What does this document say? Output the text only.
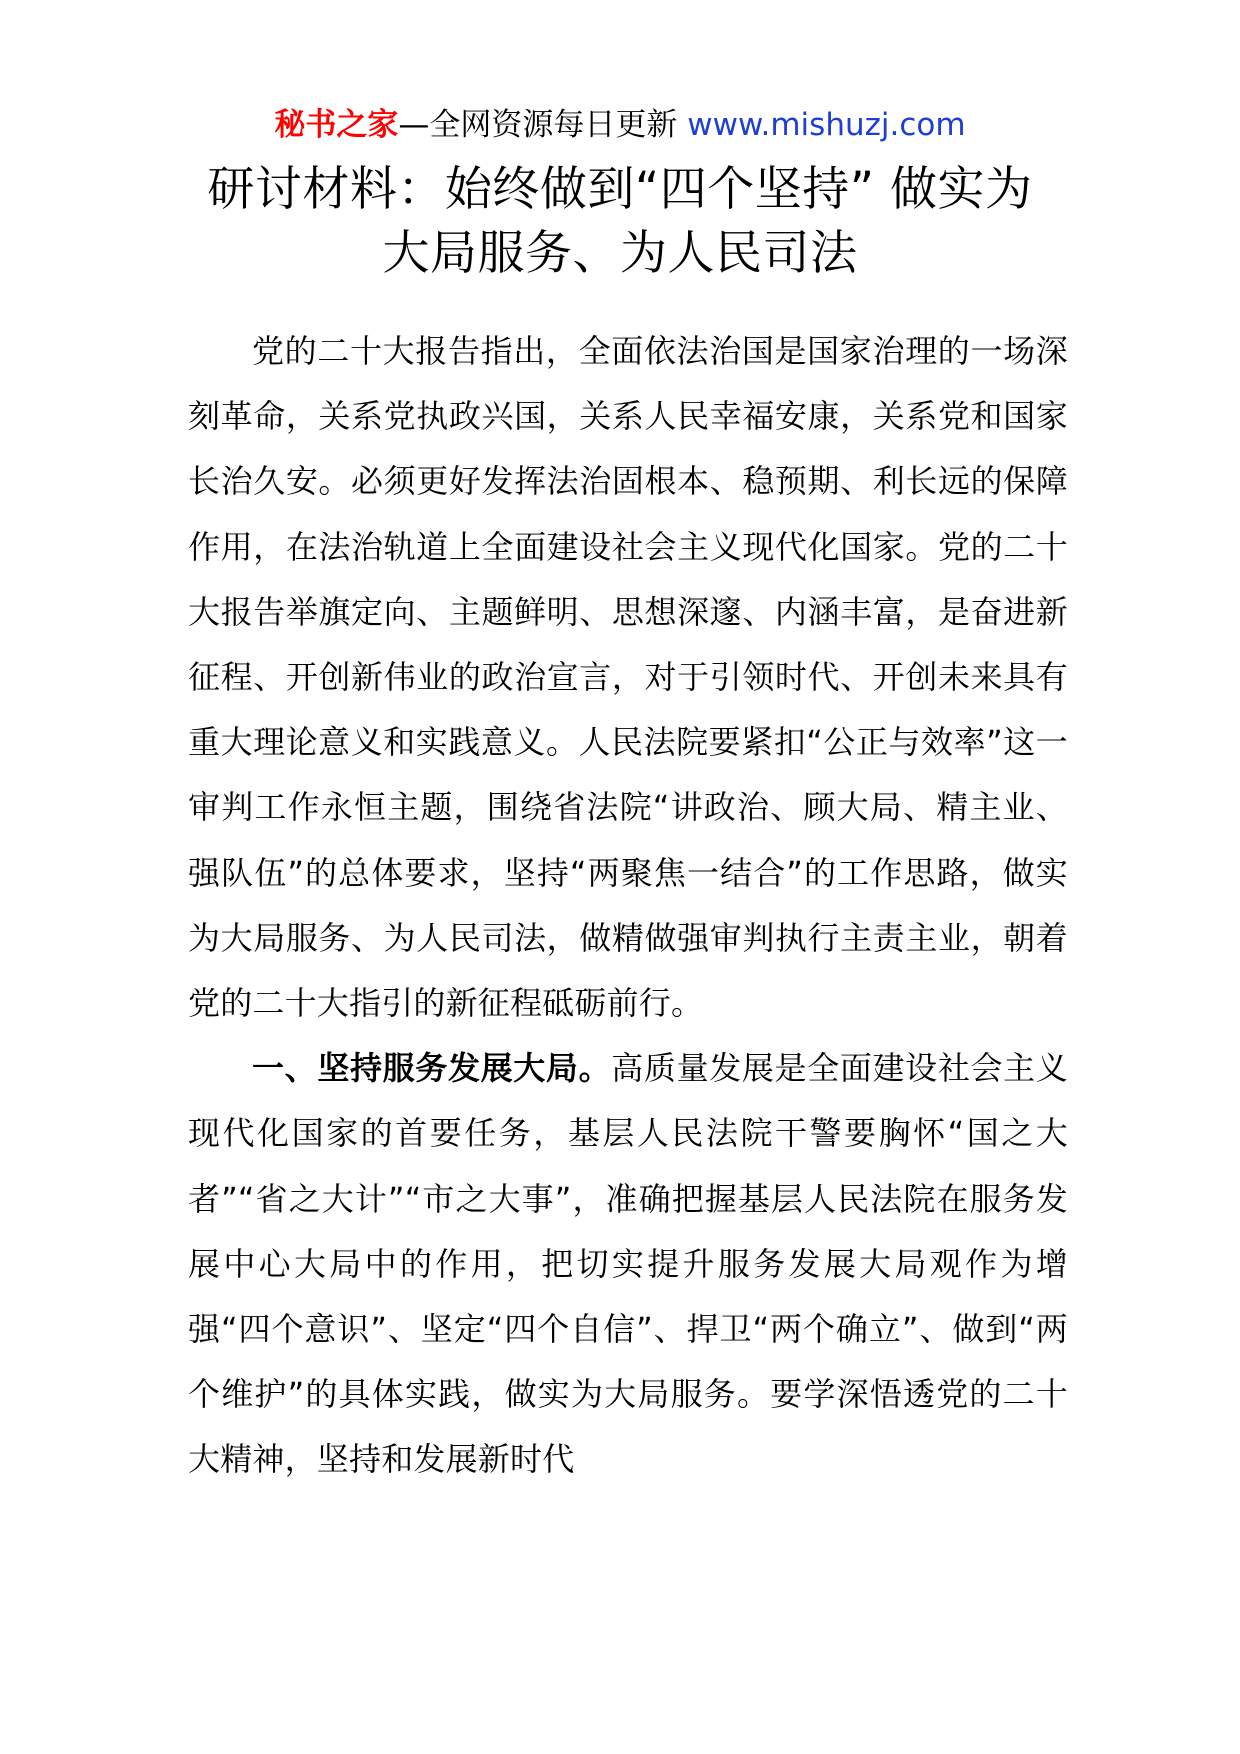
秘书之家—全网资源每日更新 www.mishuzj.com
研讨材料：始终做到“四个坚持” 做实为
大局服务、为人民司法

党的二十大报告指出，全面依法治国是国家治理的一场深刻革命，关系党执政兴国，关系人民幸福安康，关系党和国家长治久安。必须更好发挥法治固根本、稳预期、利长远的保障作用，在法治轨道上全面建设社会主义现代化国家。党的二十大报告举旗定向、主题鲜明、思想深邃、内涵丰富，是奋进新征程、开创新伟业的政治宣言，对于引领时代、开创未来具有重大理论意义和实践意义。人民法院要紧扣“公正与效率”这一审判工作永恒主题，围绕省法院“讲政治、顾大局、精主业、强队伍”的总体要求，坚持“两聚焦一结合”的工作思路，做实为大局服务、为人民司法，做精做强审判执行主责主业，朝着党的二十大指引的新征程砥砺前行。

一、坚持服务发展大局。高质量发展是全面建设社会主义现代化国家的首要任务，基层人民法院干警要胸怀“国之大者”“省之大计”“市之大事”，准确把握基层人民法院在服务发展中心大局中的作用，把切实提升服务发展大局观作为增强“四个意识”、坚定“四个自信”、捍卫“两个确立”、做到“两个维护”的具体实践，做实为大局服务。要学深悟透党的二十大精神，坚持和发展新时代
